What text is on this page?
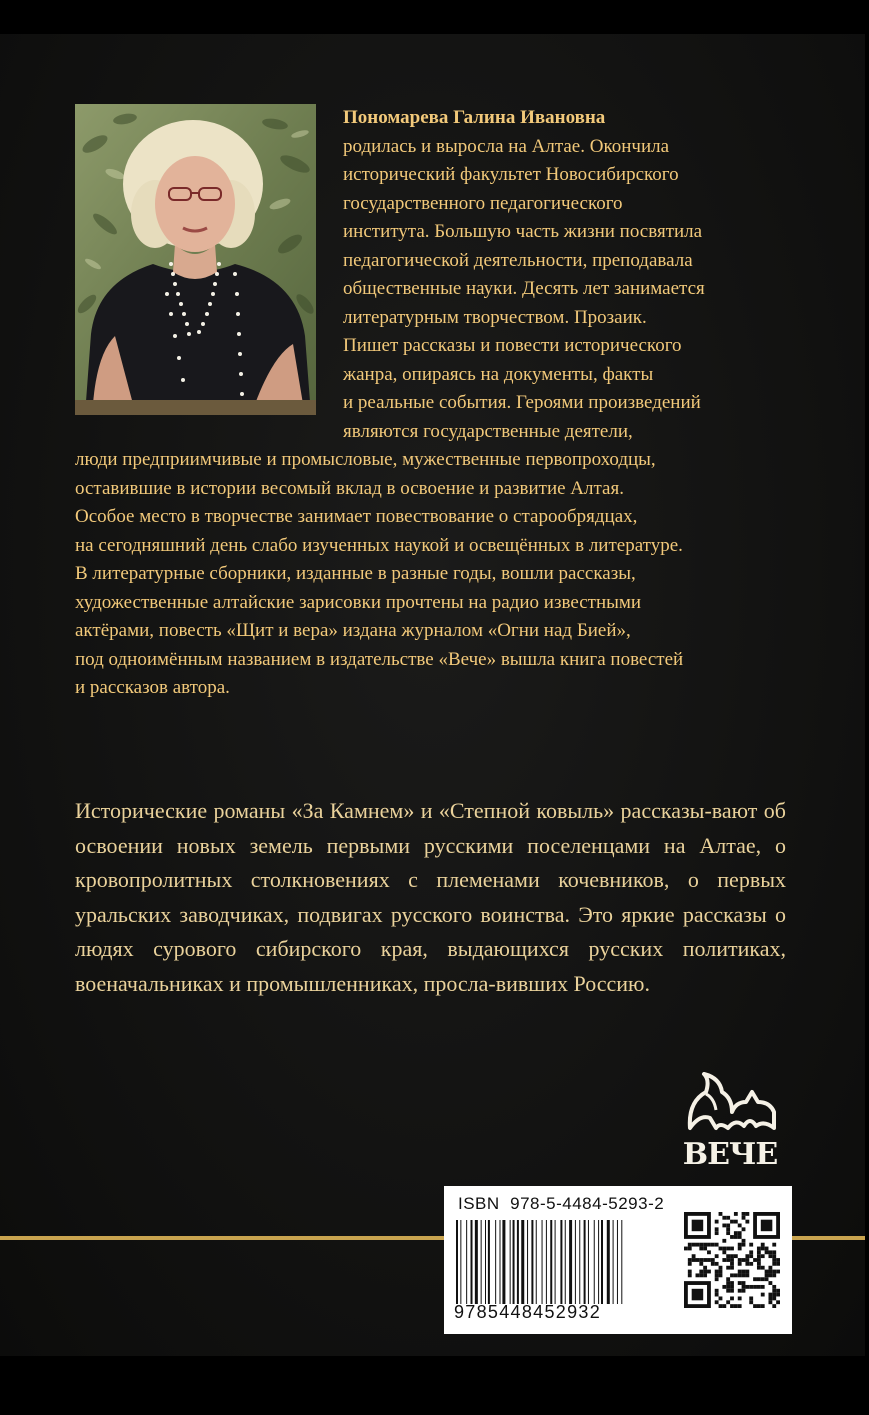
Пономарева Галина Ивановна

родилась и выросла на Алтае. Окончила
исторический факультет Новосибирского
государственного педагогического
института. Большую часть жизни посвятила
педагогической деятельности, преподавала
общественные науки. Десять лет занимается
литературным творчеством. Прозаик.
Пишет рассказы и повести исторического
жанра, опираясь на документы, факты
и реальные события. Героями произведений
являются государственные деятели,
люди предприимчивые и промысловые, мужественные первопроходцы,
оставившие в истории весомый вклад в освоение и развитие Алтая.
Особое место в творчестве занимает повествование о старообрядцах,
на сегодняшний день слабо изученных наукой и освещённых в литературе.
В литературные сборники, изданные в разные годы, вошли рассказы,
художественные алтайские зарисовки прочтены на радио известными
актёрами, повесть «Щит и вера» издана журналом «Огни над Бией»,
под одноимённым названием в издательстве «Вече» вышла книга повестей
и рассказов автора.

Исторические романы «За Камнем» и «Степной ковыль» рассказы-вают об освоении новых земель первыми русскими поселенцами на Алтае, о кровопролитных столкновениях с племенами кочевников, о первых уральских заводчиках, подвигах русского воинства. Это яркие рассказы о людях сурового сибирского края, выдающихся русских политиках, военачальниках и промышленниках, просла-вивших Россию.

ВЕЧЕ
ISBN  978-5-4484-5293-2
9785448452932
